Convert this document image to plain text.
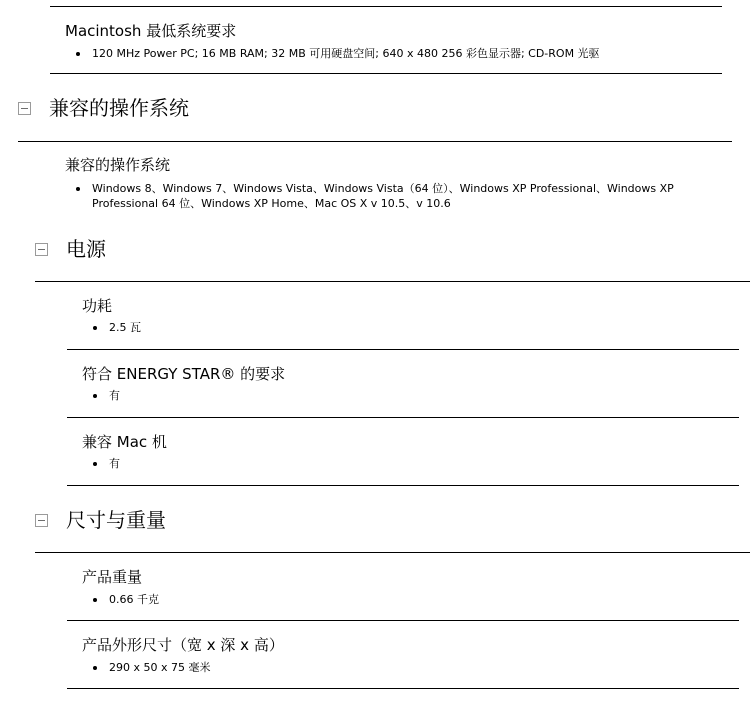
Macintosh 最低系统要求
120 MHz Power PC; 16 MB RAM; 32 MB 可用硬盘空间; 640 x 480 256 彩色显示器; CD-ROM 光驱
兼容的操作系统
兼容的操作系统
Windows 8、Windows 7、Windows Vista、Windows Vista（64 位）、Windows XP Professional、Windows XP Professional 64 位、Windows XP Home、Mac OS X v 10.5、v 10.6
电源
功耗
2.5 瓦
符合 ENERGY STAR® 的要求
有
兼容 Mac 机
有
尺寸与重量
产品重量
0.66 千克
产品外形尺寸（宽 x 深 x 高）
290 x 50 x 75 毫米
